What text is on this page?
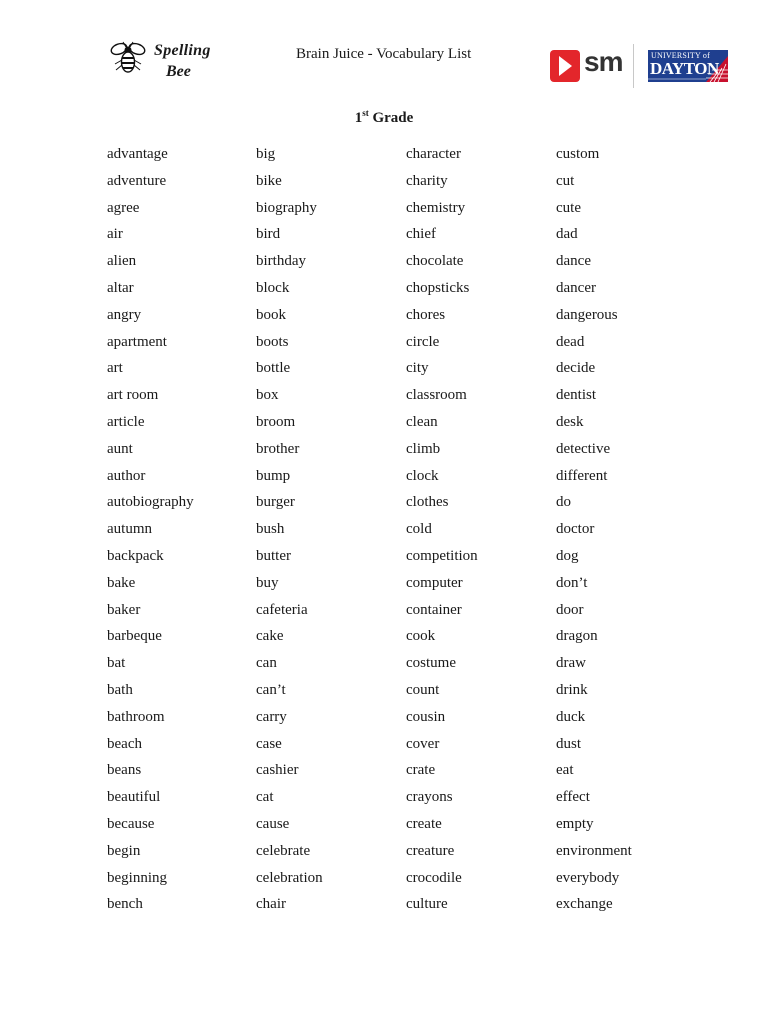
Spelling
Bee
Brain Juice - Vocabulary List	sm	UNIVERSITY of
DAYTON
1st Grade
advantage
adventure
agree
air
alien
altar
angry
apartment
art
art room
article
aunt
author
autobiography
autumn
backpack
bake
baker
barbeque
bat
bath
bathroom
beach
beans
beautiful
because
begin
beginning
bench
big
bike
biography
bird
birthday
block
book
boots
bottle
box
broom
brother
bump
burger
bush
butter
buy
cafeteria
cake
can
can’t
carry
case
cashier
cat
cause
celebrate
celebration
chair
character
charity
chemistry
chief
chocolate
chopsticks
chores
circle
city
classroom
clean
climb
clock
clothes
cold
competition
computer
container
cook
costume
count
cousin
cover
crate
crayons
create
creature
crocodile
culture
custom
cut
cute
dad
dance
dancer
dangerous
dead
decide
dentist
desk
detective
different
do
doctor
dog
don’t
door
dragon
draw
drink
duck
dust
eat
effect
empty
environment
everybody
exchange
